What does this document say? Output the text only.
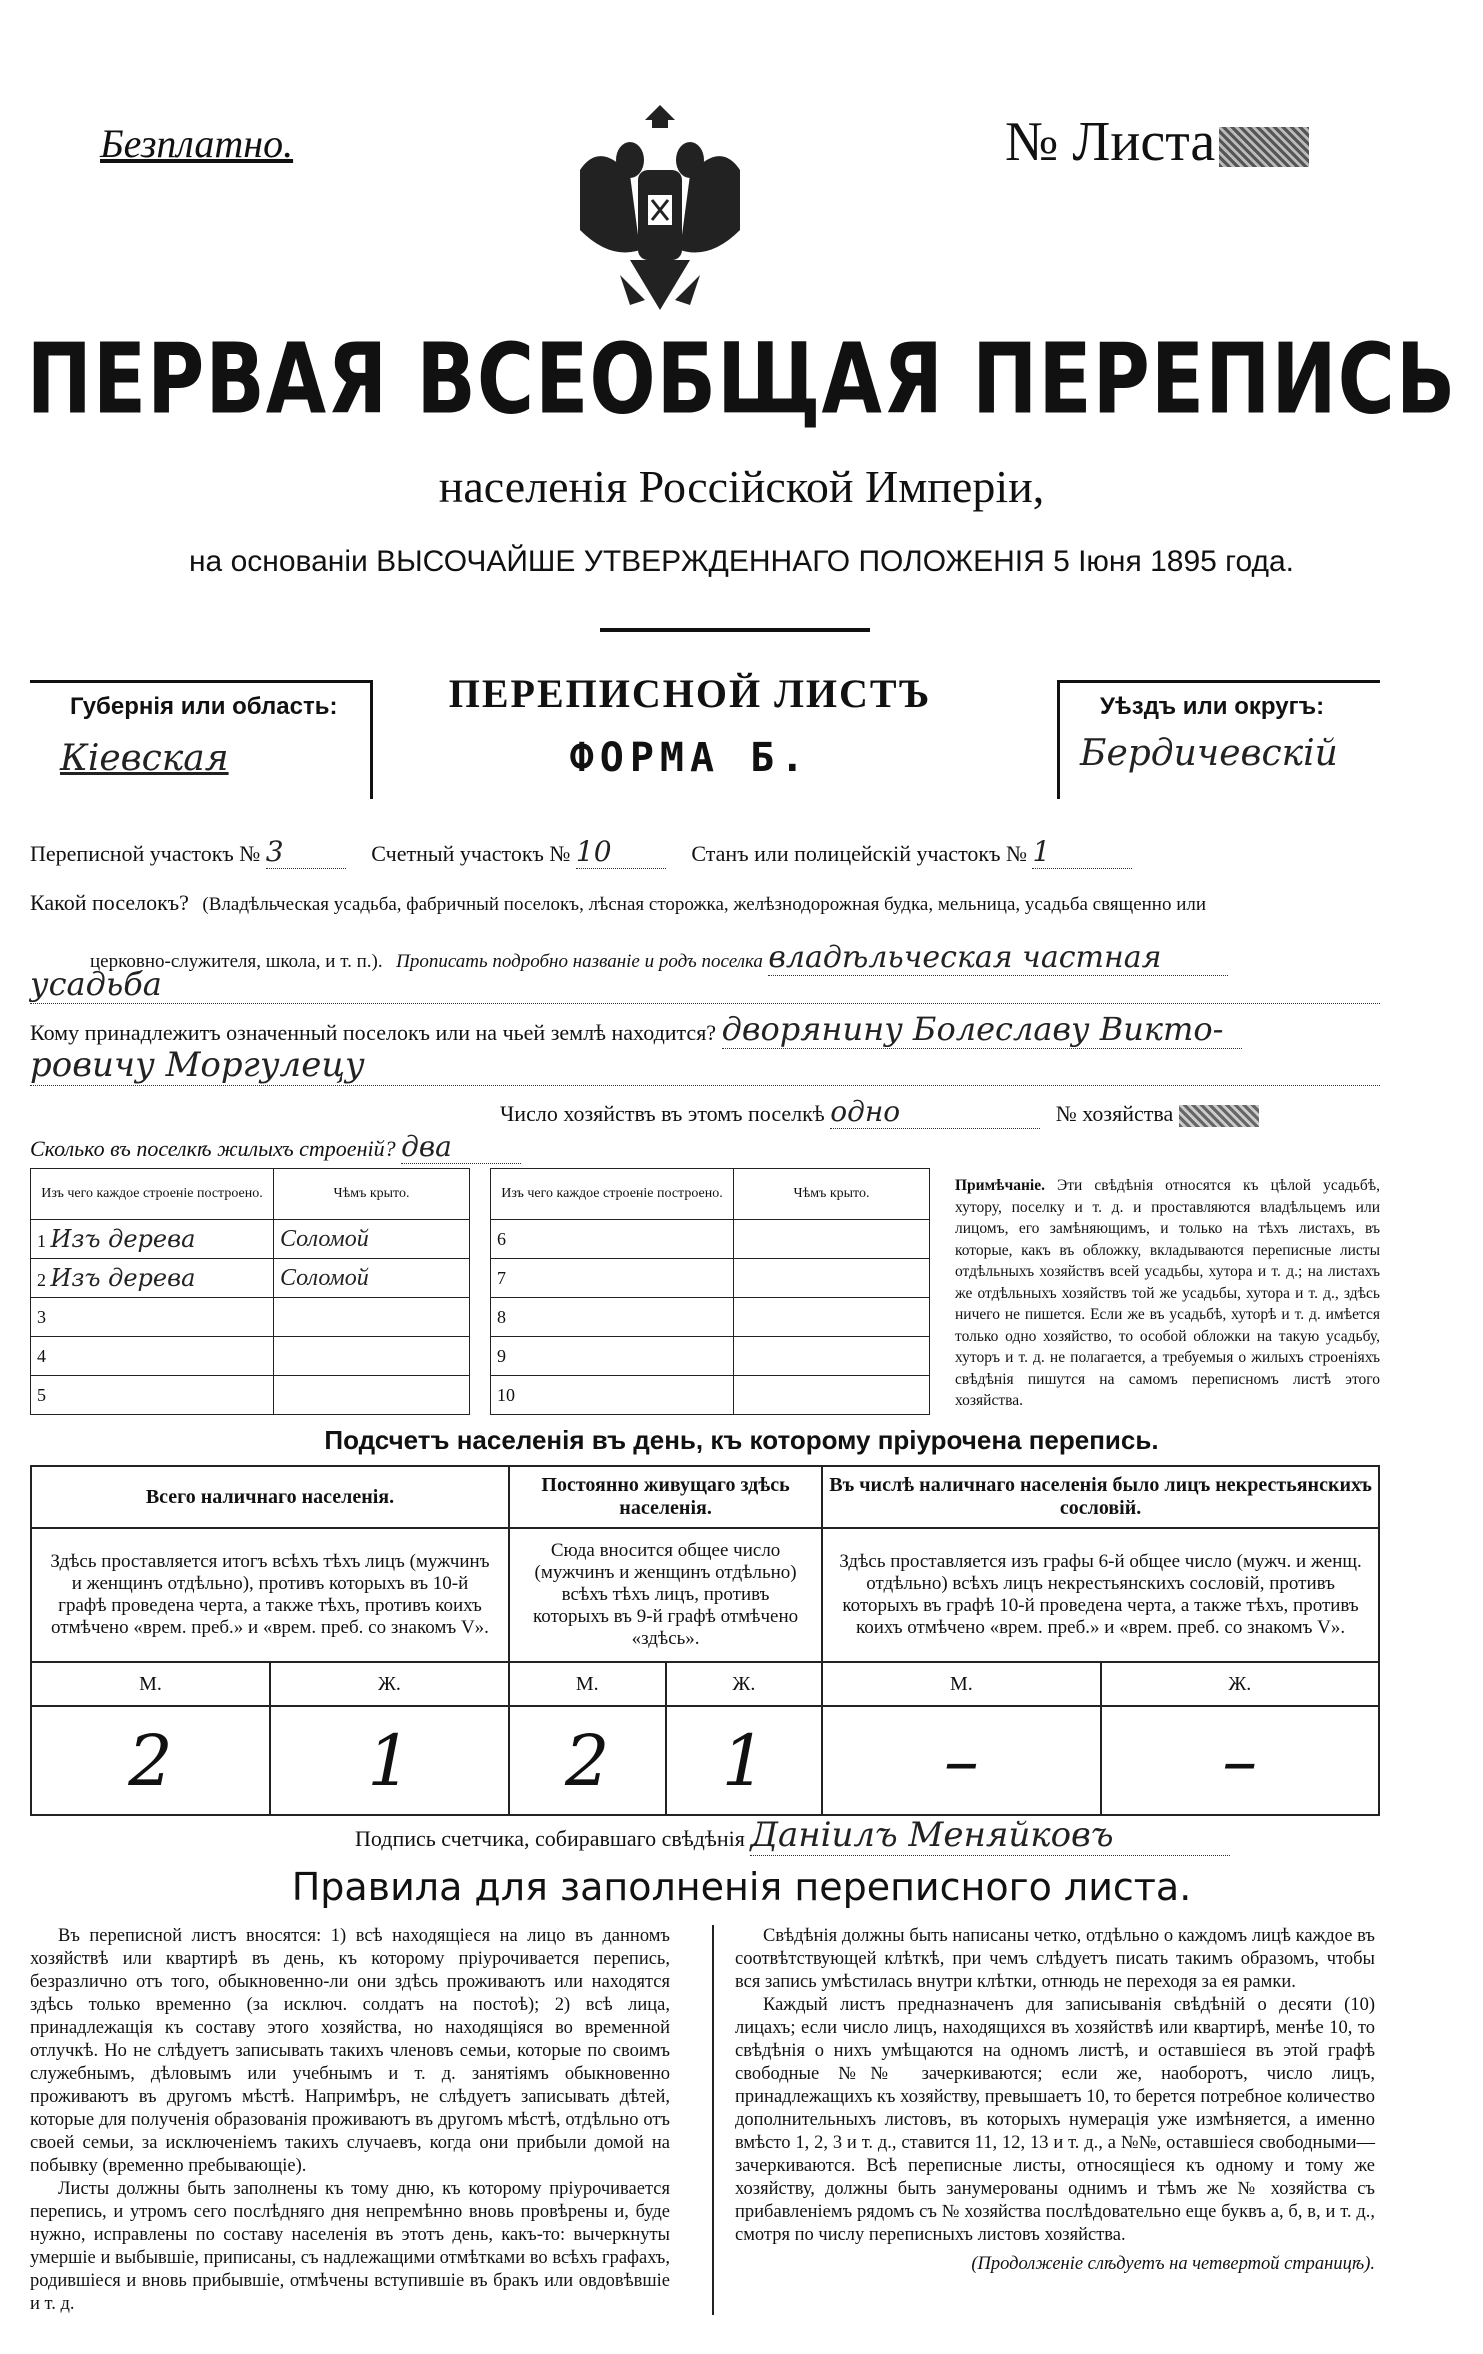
Безплатно.	№ Листа
ПЕРВАЯ ВСЕОБЩАЯ ПЕРЕПИСЬ
населенія Россійской Имперіи,
на основаніи ВЫСОЧАЙШЕ УТВЕРЖДЕННАГО ПОЛОЖЕНІЯ 5 Іюня 1895 года.
Губернія или область:
Кіевская
Уѣздъ или округъ:
Бердичевскій
ПЕРЕПИСНОЙ ЛИСТЪ
ФОРМА Б.
Переписной участокъ № 3	Счетный участокъ № 10	Станъ или полицейскій участокъ № 1
Какой поселокъ? (Владѣльческая усадьба, фабричный поселокъ, лѣсная сторожка, желѣзнодорожная будка, мельница, усадьба священно или
церковно-служителя, школа, и т. п.). Прописать подробно названіе и родъ поселка владѣльческая частная
усадьба
Кому принадлежитъ означенный поселокъ или на чьей землѣ находится? дворянину Болеславу Викто-
ровичу Моргулецу
Число хозяйствъ въ этомъ поселкѣ одно	№ хозяйства
Сколько въ поселкѣ жилыхъ строеній? два
Изъ чего каждое строеніе построено.	Чѣмъ крыто.
1 Изъ дерева	Соломой
2 Изъ дерева	Соломой
3	
4	
5	
Изъ чего каждое строеніе построено.	Чѣмъ крыто.
6	
7	
8	
9	
10	
Примѣчаніе. Эти свѣдѣнія относятся къ цѣлой усадьбѣ, хутору, поселку и т. д. и проставляются владѣльцемъ или лицомъ, его замѣняющимъ, и только на тѣхъ листахъ, въ которые, какъ въ обложку, вкладываются переписные листы отдѣльныхъ хозяйствъ всей усадьбы, хутора и т. д.; на листахъ же отдѣльныхъ хозяйствъ той же усадьбы, хутора и т. д., здѣсь ничего не пишется. Если же въ усадьбѣ, хуторѣ и т. д. имѣется только одно хозяйство, то особой обложки на такую усадьбу, хуторъ и т. д. не полагается, а требуемыя о жилыхъ строеніяхъ свѣдѣнія пишутся на самомъ переписномъ листѣ этого хозяйства.
Подсчетъ населенія въ день, къ которому пріурочена перепись.
Всего наличнаго населенія.		Постоянно живущаго здѣсь населенія.		Въ числѣ наличнаго населенія было лицъ некрестьянскихъ сословій.	
Здѣсь проставляется итогъ всѣхъ тѣхъ лицъ (мужчинъ и женщинъ отдѣльно), противъ которыхъ въ 10-й графѣ проведена черта, а также тѣхъ, противъ коихъ отмѣчено «врем. преб.» и «врем. преб. со знакомъ V».		Сюда вносится общее число (мужчинъ и женщинъ отдѣльно) всѣхъ тѣхъ лицъ, противъ которыхъ въ 9-й графѣ отмѣчено «здѣсь».		Здѣсь проставляется изъ графы 6-й общее число (мужч. и женщ. отдѣльно) всѣхъ лицъ некрестьянскихъ сословій, противъ которыхъ въ графѣ 10-й проведена черта, а также тѣхъ, противъ коихъ отмѣчено «врем. преб.» и «врем. преб. со знакомъ V».	
М.	Ж.	М.	Ж.	М.	Ж.
2	1	2	1	–	–
Подпись счетчика, собиравшаго свѣдѣнія Даніилъ Меняйковъ
Правила для заполненія переписного листа.

Въ переписной листъ вносятся: 1) всѣ находящіеся на лицо въ данномъ хозяйствѣ или квартирѣ въ день, къ которому пріурочивается перепись, безразлично отъ того, обыкновенно-ли они здѣсь проживаютъ или находятся здѣсь только временно (за исключ. солдатъ на постоѣ); 2) всѣ лица, принадлежащія къ составу этого хозяйства, но находящіяся во временной отлучкѣ. Но не слѣдуетъ записывать такихъ членовъ семьи, которые по своимъ служебнымъ, дѣловымъ или учебнымъ и т. д. занятіямъ обыкновенно проживаютъ въ другомъ мѣстѣ. Напримѣръ, не слѣдуетъ записывать дѣтей, которые для полученія образованія проживаютъ въ другомъ мѣстѣ, отдѣльно отъ своей семьи, за исключеніемъ такихъ случаевъ, когда они прибыли домой на побывку (временно пребывающіе).

Листы должны быть заполнены къ тому дню, къ которому пріурочивается перепись, и утромъ сего послѣдняго дня непремѣнно вновь провѣрены и, буде нужно, исправлены по составу населенія въ этотъ день, какъ-то: вычеркнуты умершіе и выбывшіе, приписаны, съ надлежащими отмѣтками во всѣхъ графахъ, родившіеся и вновь прибывшіе, отмѣчены вступившіе въ бракъ или овдовѣвшіе и т. д.

Свѣдѣнія должны быть написаны четко, отдѣльно о каждомъ лицѣ каждое въ соотвѣтствующей клѣткѣ, при чемъ слѣдуетъ писать такимъ образомъ, чтобы вся запись умѣстилась внутри клѣтки, отнюдь не переходя за ея рамки.

Каждый листъ предназначенъ для записыванія свѣдѣній о десяти (10) лицахъ; если число лицъ, находящихся въ хозяйствѣ или квартирѣ, менѣе 10, то свѣдѣнія о нихъ умѣщаются на одномъ листѣ, и оставшіеся въ этой графѣ свободные №№ зачеркиваются; если же, наоборотъ, число лицъ, принадлежащихъ къ хозяйству, превышаетъ 10, то берется потребное количество дополнительныхъ листовъ, въ которыхъ нумерація уже измѣняется, а именно вмѣсто 1, 2, 3 и т. д., ставится 11, 12, 13 и т. д., а №№, оставшіеся свободными—зачеркиваются. Всѣ переписные листы, относящіеся къ одному и тому же хозяйству, должны быть занумерованы однимъ и тѣмъ же № хозяйства съ прибавленіемъ рядомъ съ № хозяйства послѣдовательно еще буквъ а, б, в, и т. д., смотря по числу переписныхъ листовъ хозяйства.

(Продолженіе слѣдуетъ на четвертой страницѣ).
